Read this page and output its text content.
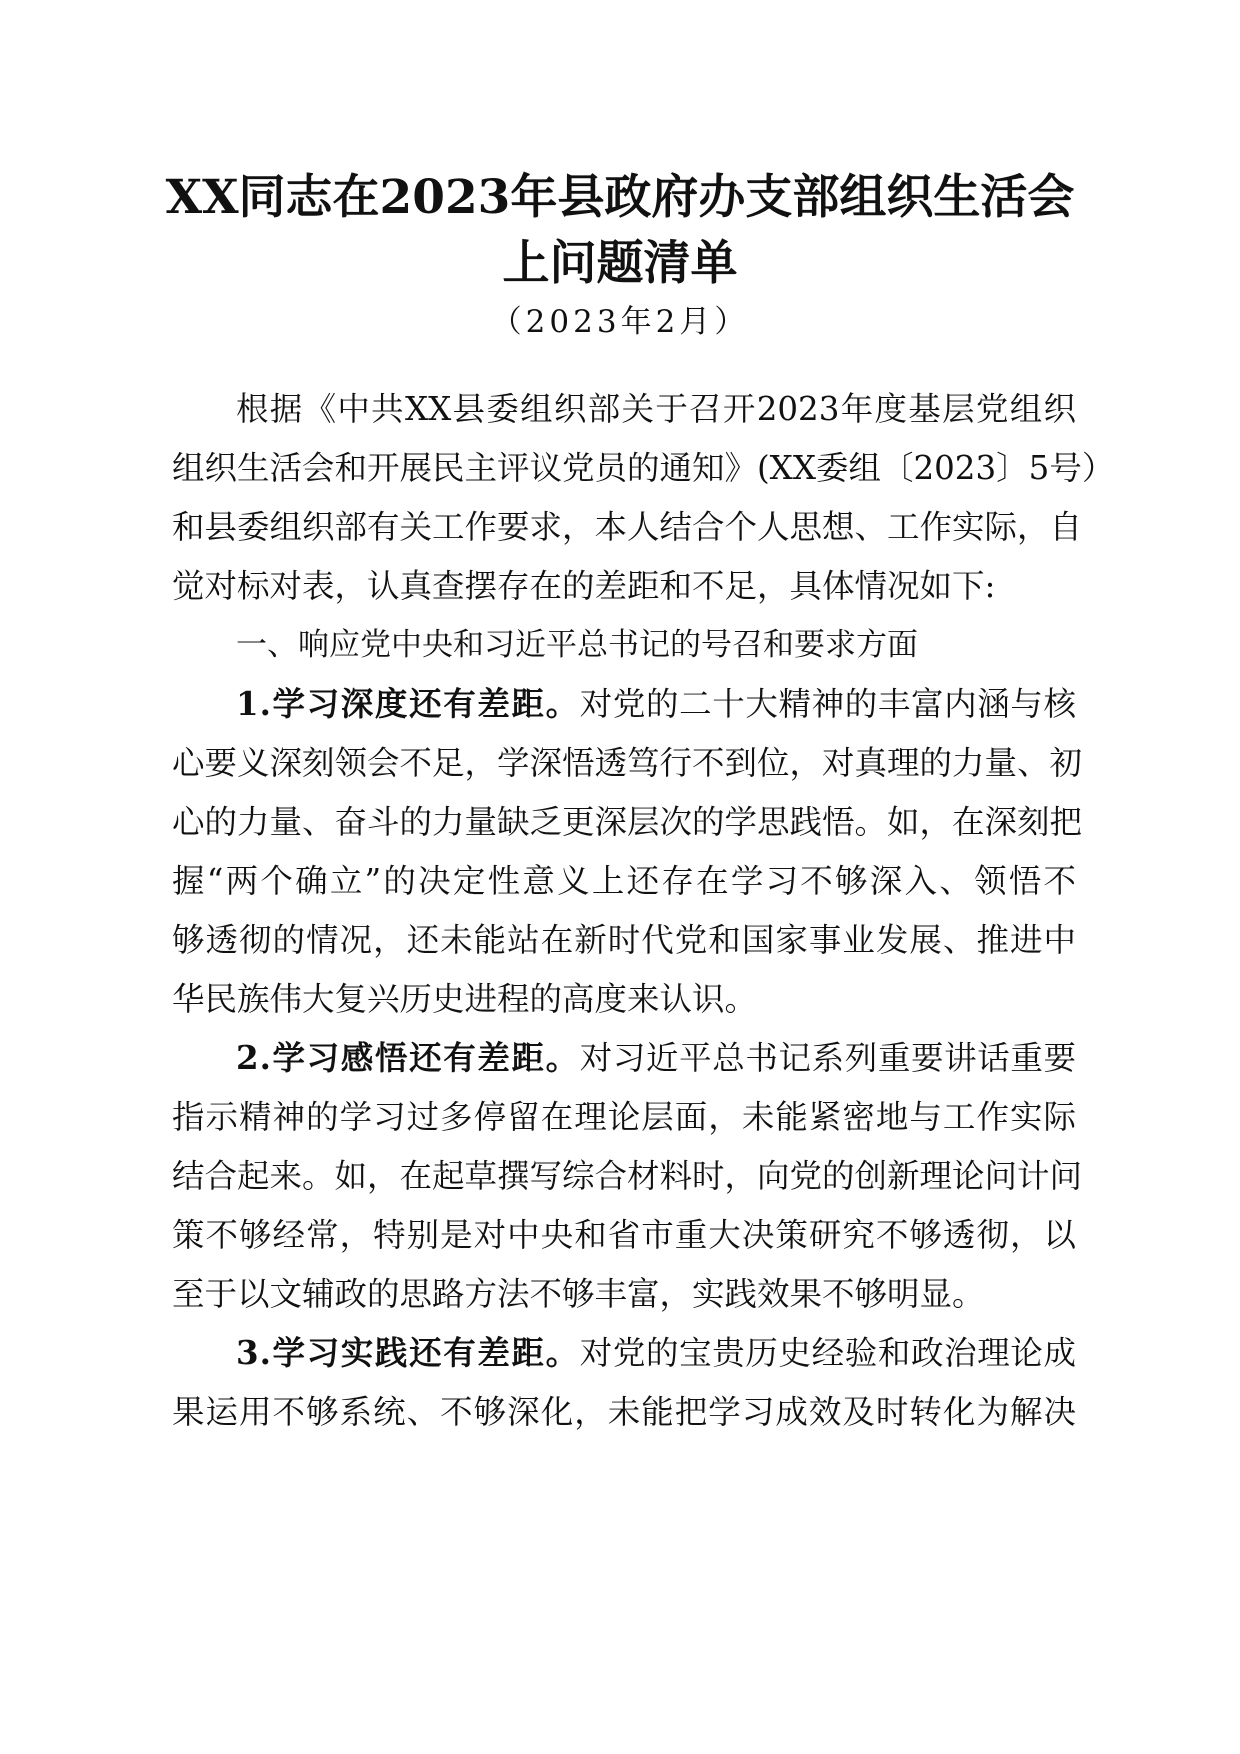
XX同志在2023年县政府办支部组织生活会
上问题清单

（2023年2月）

根据《中共XX县委组织部关于召开2023年度基层党组织

组织生活会和开展民主评议党员的通知》(XX委组〔2023〕5号）

和县委组织部有关工作要求，本人结合个人思想、工作实际，自

觉对标对表，认真查摆存在的差距和不足，具体情况如下:

一、响应党中央和习近平总书记的号召和要求方面

1.学习深度还有差距。对党的二十大精神的丰富内涵与核

心要义深刻领会不足，学深悟透笃行不到位，对真理的力量、初

心的力量、奋斗的力量缺乏更深层次的学思践悟。如，在深刻把

握“两个确立”的决定性意义上还存在学习不够深入、领悟不

够透彻的情况，还未能站在新时代党和国家事业发展、推进中

华民族伟大复兴历史进程的高度来认识。

2.学习感悟还有差距。对习近平总书记系列重要讲话重要

指示精神的学习过多停留在理论层面，未能紧密地与工作实际

结合起来。如，在起草撰写综合材料时，向党的创新理论问计问

策不够经常，特别是对中央和省市重大决策研究不够透彻，以

至于以文辅政的思路方法不够丰富，实践效果不够明显。

3.学习实践还有差距。对党的宝贵历史经验和政治理论成

果运用不够系统、不够深化，未能把学习成效及时转化为解决
